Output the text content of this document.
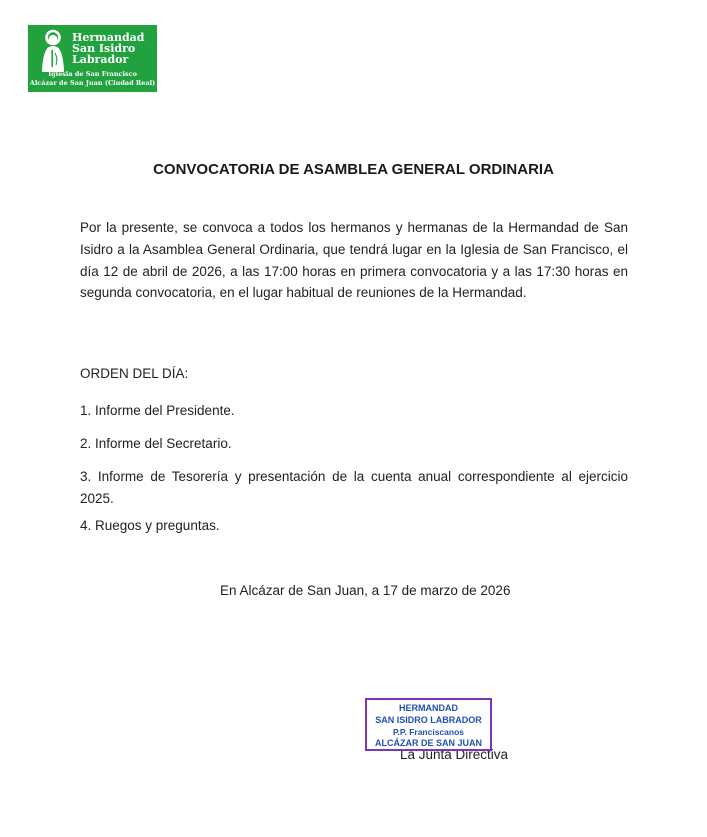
Hermandad
San Isidro
Labrador
Iglesia de San Francisco
Alcázar de San Juan (Ciudad Real)
CONVOCATORIA DE ASAMBLEA GENERAL ORDINARIA

Por la presente, se convoca a todos los hermanos y hermanas de la Hermandad de San Isidro a la Asamblea General Ordinaria, que tendrá lugar en la Iglesia de San Francisco, el día 12 de abril de 2026, a las 17:00 horas en primera convocatoria y a las 17:30 horas en segunda convocatoria, en el lugar habitual de reuniones de la Hermandad.

ORDEN DEL DÍA:

1. Informe del Presidente.

2. Informe del Secretario.

3. Informe de Tesorería y presentación de la cuenta anual correspondiente al ejercicio 2025.

4. Ruegos y preguntas.

En Alcázar de San Juan, a 17 de marzo de 2026

La Junta Directiva
HERMANDAD
SAN ISIDRO LABRADOR
P.P. Franciscanos
ALCÁZAR DE SAN JUAN
